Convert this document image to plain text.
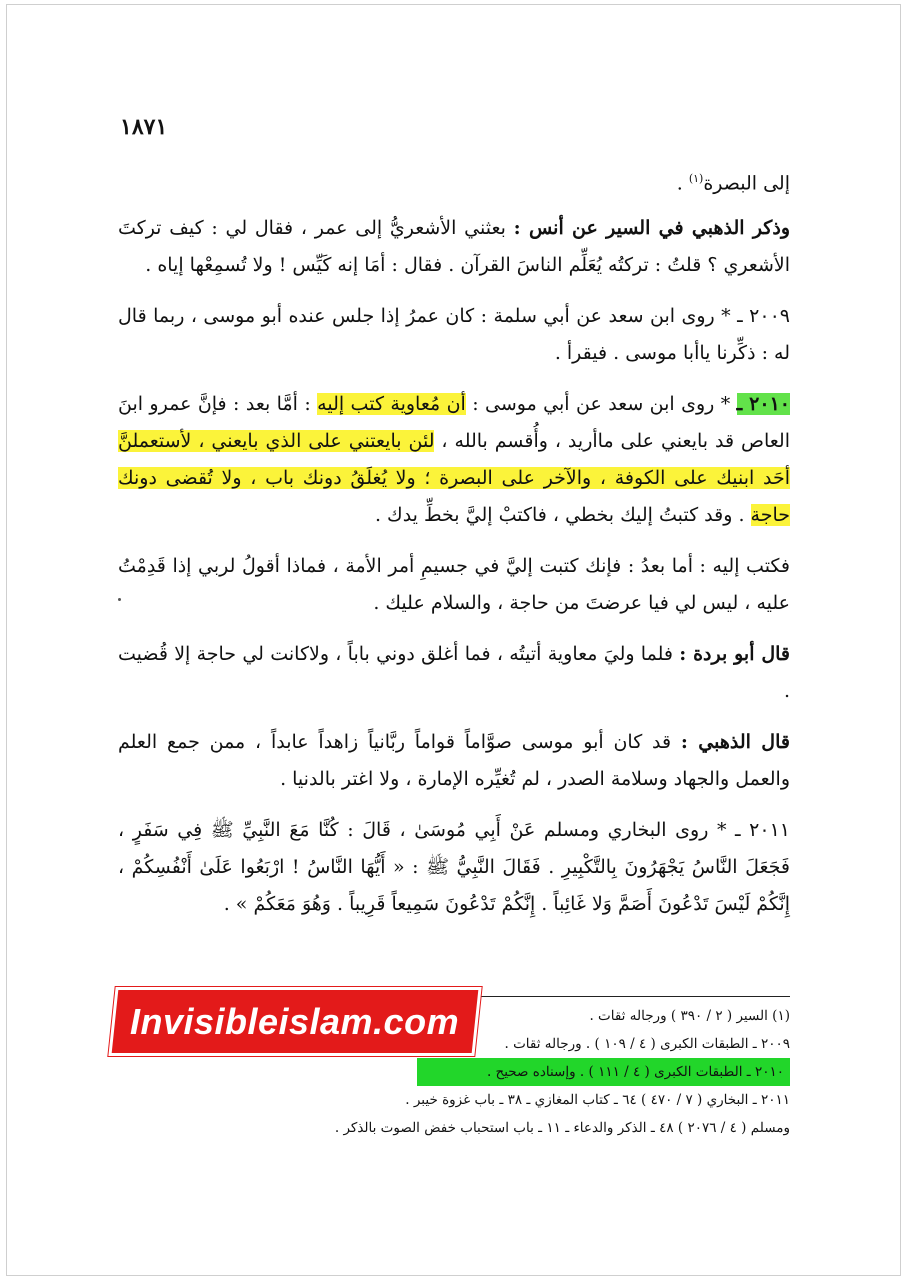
١٨٧١

إلى البصرة$^{(١)}$ .

وذكر الذهبي في السير عن أنس : بعثني الأشعريُّ إلى عمر ، فقال لي : كيف تركتَ الأشعري ؟ قلتُ : تركتُه يُعَلِّم الناسَ القرآن . فقال : أمَا إنه كَيِّس ! ولا تُسمِعْها إياه .

٢٠٠٩ ـ * روى ابن سعد عن أبي سلمة : كان عمرُ إذا جلس عنده أبو موسى ، ربما قال له : ذكِّرنا ياأبا موسى . فيقرأ .

٢٠١٠ ـ * روى ابن سعد عن أبي موسى : أن مُعاوية كتب إليه : أمَّا بعد : فإنَّ عمرو ابنَ العاص قد بايعني على ماأريد ، وأُقسم بالله ، لئن بايعتني على الذي بايعني ، لأستعملنَّ أحَد ابنيك على الكوفة ، والآخر على البصرة ؛ ولا يُغلَقُ دونك باب ، ولا تُقضى دونك حاجة . وقد كتبتُ إليك بخطي ، فاكتبْ إليَّ بخطِّ يدك .

فكتب إليه : أما بعدُ : فإنك كتبت إليَّ في جسيمِ أمر الأمة ، فماذا أقولُ لربي إذا قَدِمْتُ عليه ، ليس لي فيا عرضتَ من حاجة ، والسلام عليك .

قال أبو بردة : فلما وليَ معاوية أتيتُه ، فما أغلق دوني باباً ، ولاكانت لي حاجة إلا قُضيت .

قال الذهبي : قد كان أبو موسى صوَّاماً قواماً ربَّانياً زاهداً عابداً ، ممن جمع العلم والعمل والجهاد وسلامة الصدر ، لم تُغيِّره الإمارة ، ولا اغتر بالدنيا .

٢٠١١ ـ * روى البخاري ومسلم عَنْ أَبِي مُوسَىٰ ، قَالَ : كُنَّا مَعَ النَّبِيِّ ﷺ فِي سَفَرٍ ، فَجَعَلَ النَّاسُ يَجْهَرُونَ بِالتَّكْبِيرِ . فَقَالَ النَّبِيُّ ﷺ : « أَيُّهَا النَّاسُ ! ارْبَعُوا عَلَىٰ أَنْفُسِكُمْ ، إِنَّكُمْ لَيْسَ تَدْعُونَ أَصَمَّ وَلا غَائِباً . إِنَّكُمْ تَدْعُونَ سَمِيعاً قَرِيباً . وَهُوَ مَعَكُمْ » .

(١) السير ( ٢ / ٣٩٠ ) ورجاله ثقات .
٢٠٠٩ ـ الطبقات الكبرى ( ٤ / ١٠٩ ) . ورجاله ثقات .
٢٠١٠ ـ الطبقات الكبرى ( ٤ / ١١١ ) . وإسناده صحيح .
٢٠١١ ـ البخاري ( ٧ / ٤٧٠ ) ٦٤ ـ كتاب المغازي ـ ٣٨ ـ باب غزوة خيبر .
ومسلم ( ٤ / ٢٠٧٦ ) ٤٨ ـ الذكر والدعاء ـ ١١ ـ باب استحباب خفض الصوت بالذكر .
Invisibleislam.com
